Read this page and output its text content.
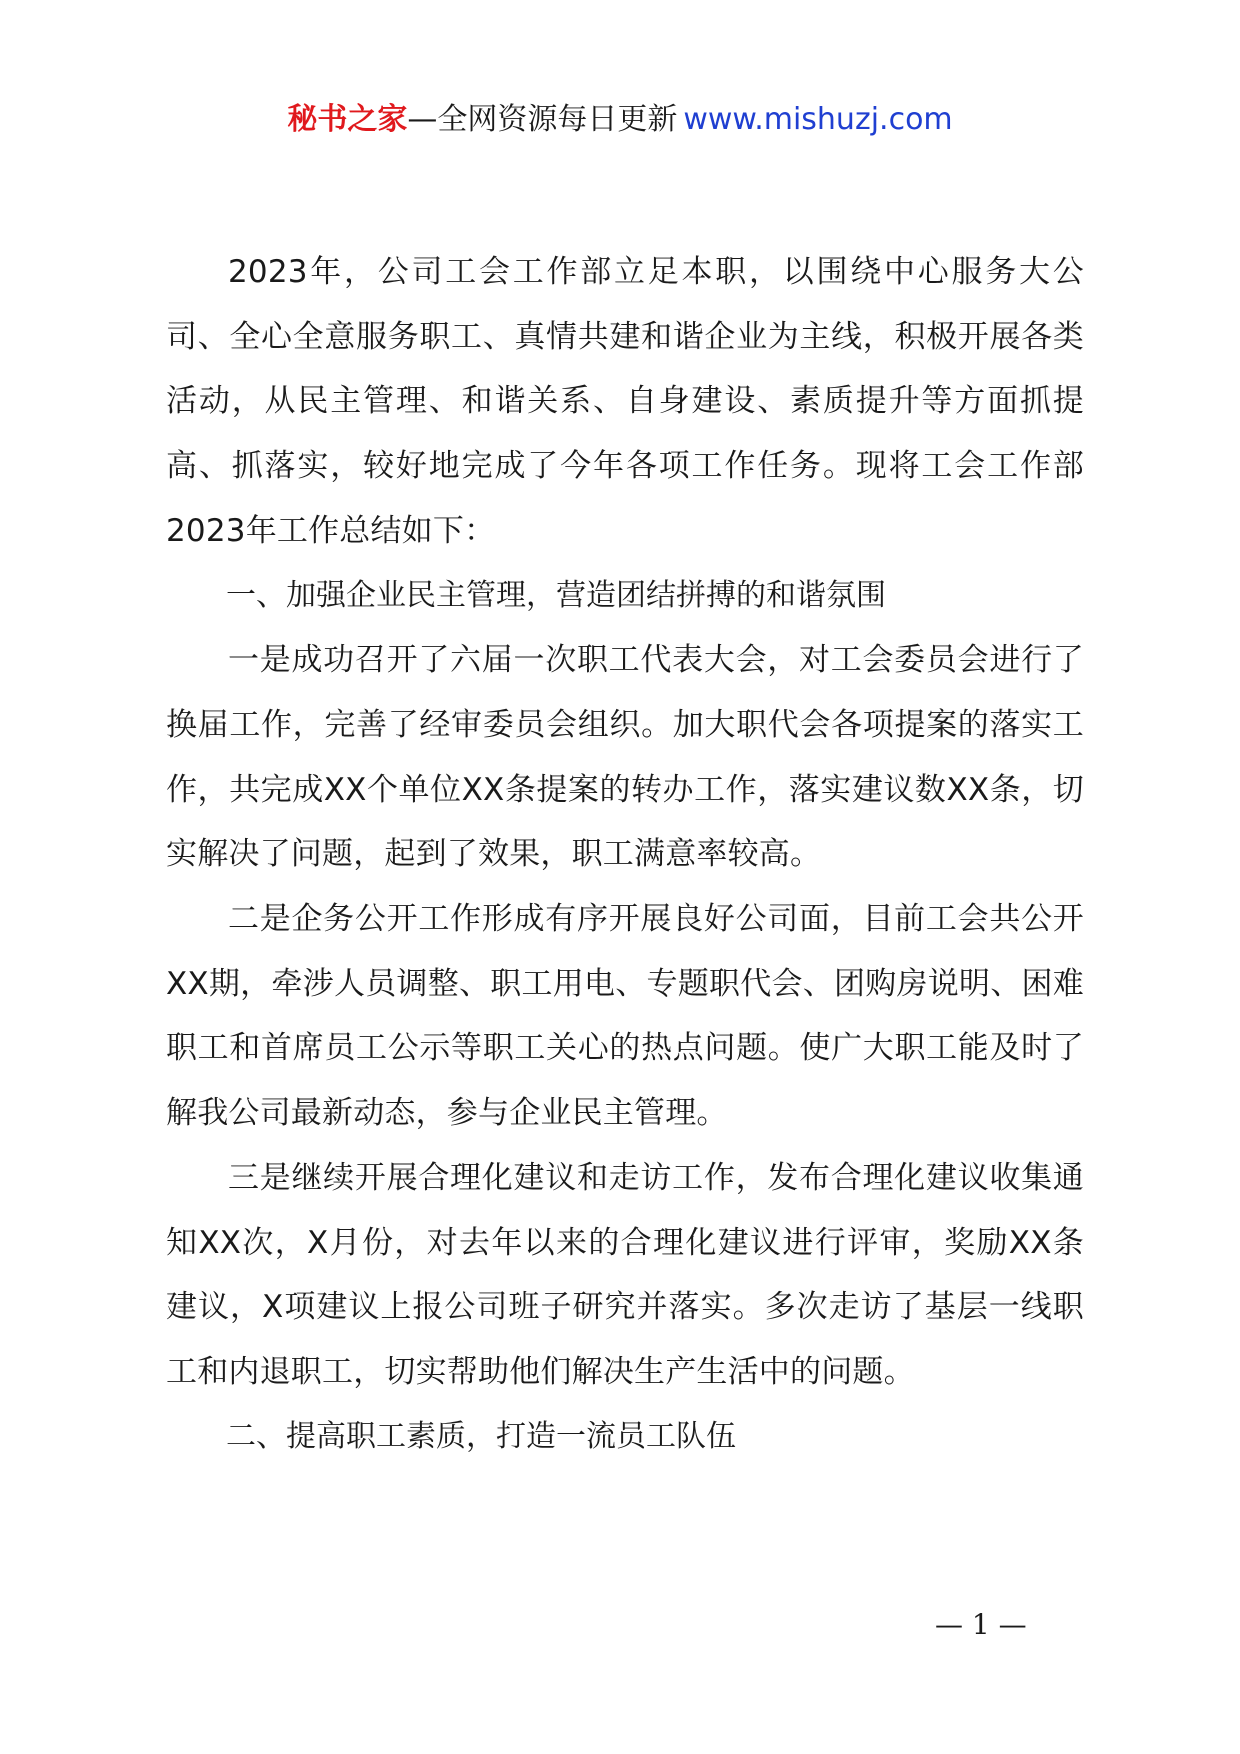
秘书之家—全网资源每日更新 www.mishuzj.com

2023年，公司工会工作部立足本职，以围绕中心服务大公司、全心全意服务职工、真情共建和谐企业为主线，积极开展各类活动，从民主管理、和谐关系、自身建设、素质提升等方面抓提高、抓落实，较好地完成了今年各项工作任务。现将工会工作部2023年工作总结如下：

一、加强企业民主管理，营造团结拼搏的和谐氛围

一是成功召开了六届一次职工代表大会，对工会委员会进行了换届工作，完善了经审委员会组织。加大职代会各项提案的落实工作，共完成XX个单位XX条提案的转办工作，落实建议数XX条，切实解决了问题，起到了效果，职工满意率较高。

二是企务公开工作形成有序开展良好公司面，目前工会共公开XX期，牵涉人员调整、职工用电、专题职代会、团购房说明、困难职工和首席员工公示等职工关心的热点问题。使广大职工能及时了解我公司最新动态，参与企业民主管理。

三是继续开展合理化建议和走访工作，发布合理化建议收集通知XX次，X月份，对去年以来的合理化建议进行评审，奖励XX条建议，X项建议上报公司班子研究并落实。多次走访了基层一线职工和内退职工，切实帮助他们解决生产生活中的问题。

二、提高职工素质，打造一流员工队伍

— 1 —
